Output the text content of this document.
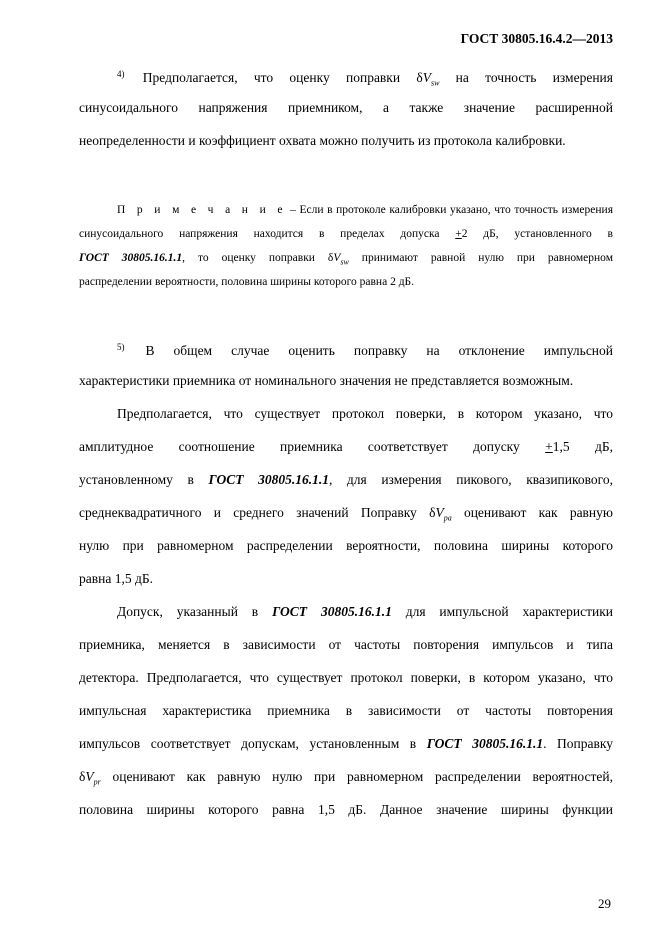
ГОСТ 30805.16.4.2—2013
$^{4)}$ Предполагается, что оценку поправки $\delta V_{sw}$ на точность измерения
синусоидального напряжения приемником, а также значение расширенной
неопределенности и коэффициент охвата можно получить из протокола калибровки.
П р и м е ч а н и е – Если в протоколе калибровки указано, что точность измерения
синусоидального напряжения находится в пределах допуска +2 дБ, установленного в
ГОСТ 30805.16.1.1, то оценку поправки $\delta V_{sw}$ принимают равной нулю при равномерном
распределении вероятности, половина ширины которого равна 2 дБ.
$^{5)}$ В общем случае оценить поправку на отклонение импульсной
характеристики приемника от номинального значения не представляется возможным.
Предполагается, что существует протокол поверки, в котором указано, что
амплитудное соотношение приемника соответствует допуску +1,5 дБ,
установленному в ГОСТ 30805.16.1.1, для измерения пикового, квазипикового,
среднеквадратичного и среднего значений Поправку $\delta V_{pa}$ оценивают как равную
нулю при равномерном распределении вероятности, половина ширины которого
равна 1,5 дБ.
Допуск, указанный в ГОСТ 30805.16.1.1 для импульсной характеристики
приемника, меняется в зависимости от частоты повторения импульсов и типа
детектора. Предполагается, что существует протокол поверки, в котором указано, что
импульсная характеристика приемника в зависимости от частоты повторения
импульсов соответствует допускам, установленным в ГОСТ 30805.16.1.1. Поправку
$\delta V_{pr}$ оценивают как равную нулю при равномерном распределении вероятностей,
половина ширины которого равна 1,5 дБ. Данное значение ширины функции
29
